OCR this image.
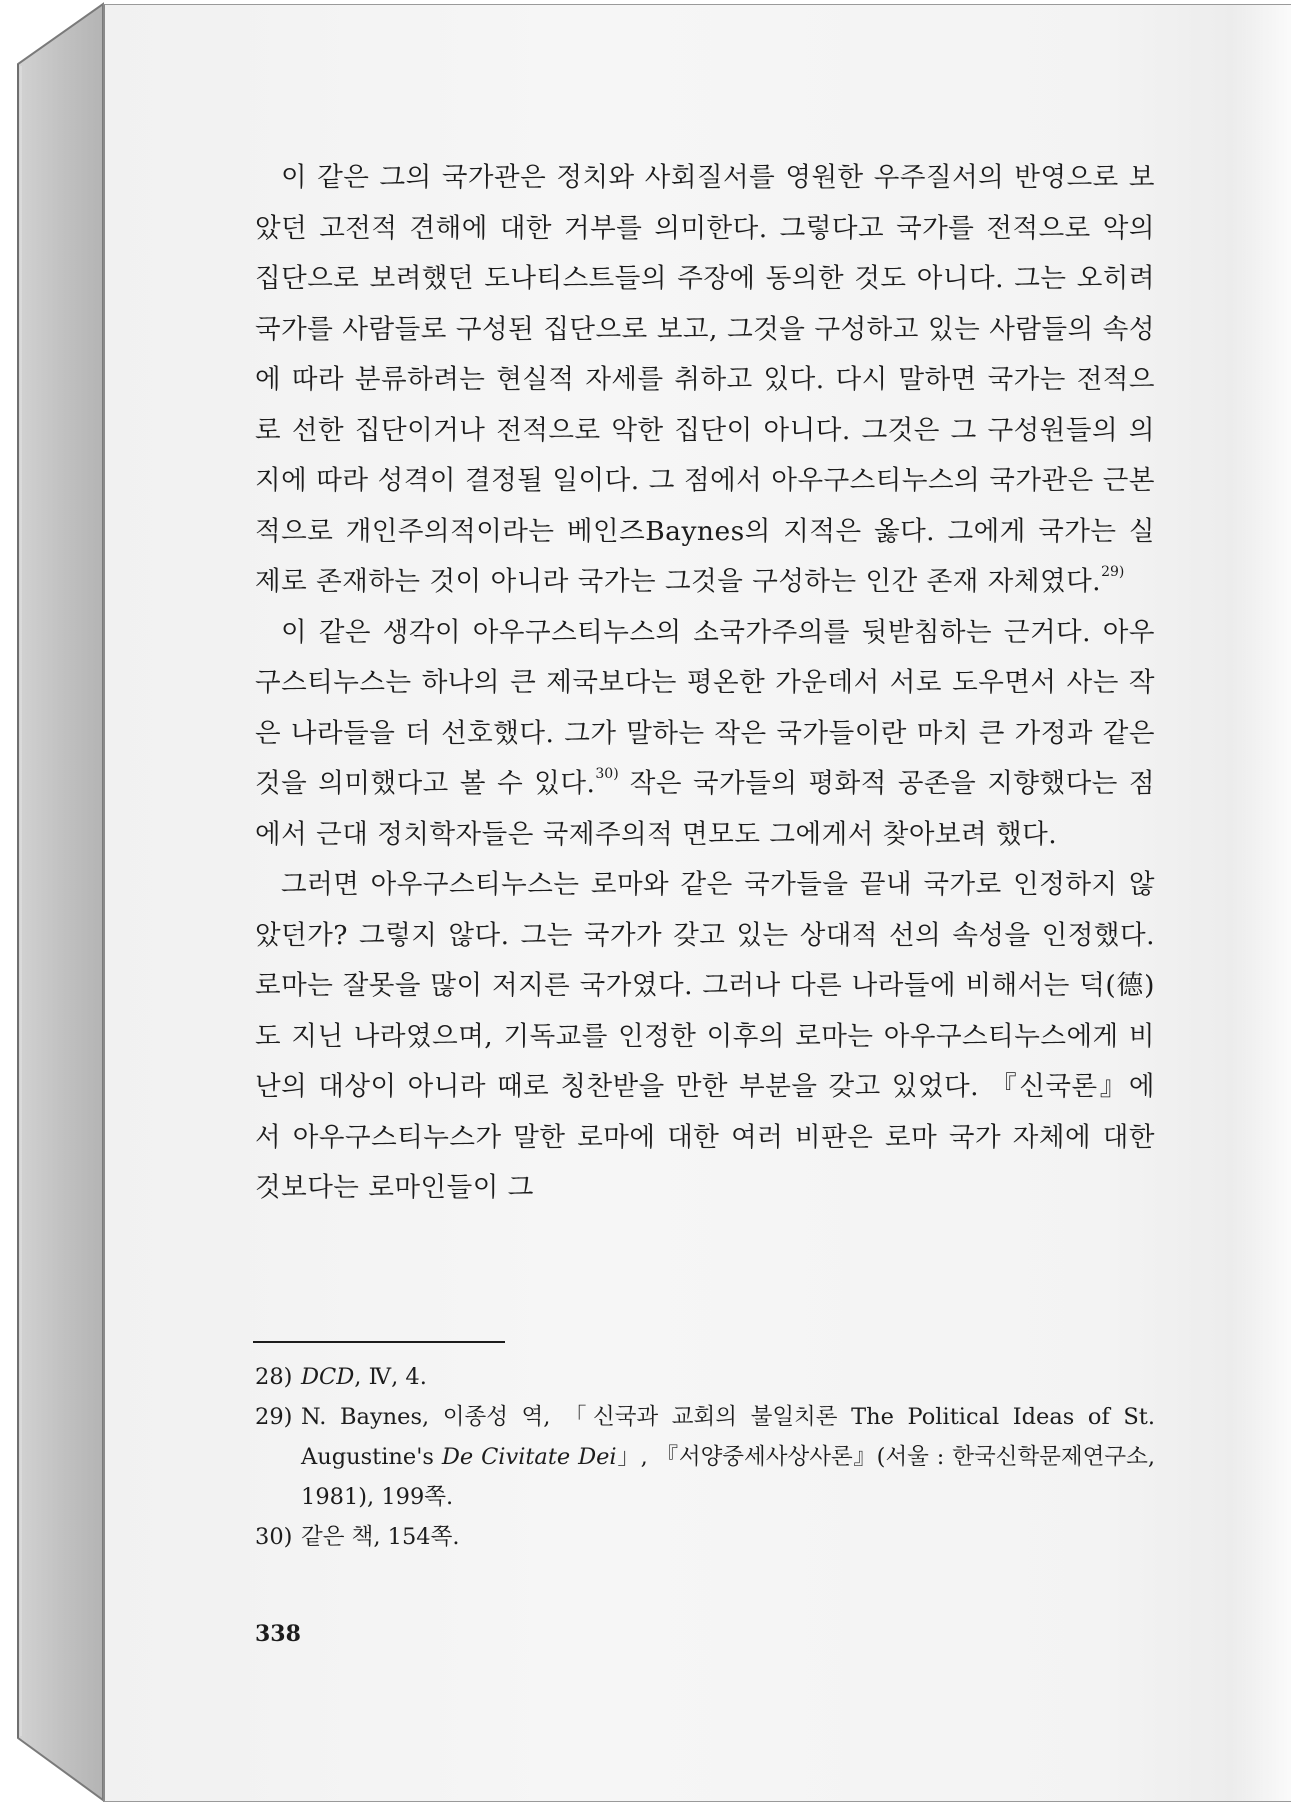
이 같은 그의 국가관은 정치와 사회질서를 영원한 우주질서의 반영으로 보았던 고전적 견해에 대한 거부를 의미한다. 그렇다고 국가를 전적으로 악의 집단으로 보려했던 도나티스트들의 주장에 동의한 것도 아니다. 그는 오히려 국가를 사람들로 구성된 집단으로 보고, 그것을 구성하고 있는 사람들의 속성에 따라 분류하려는 현실적 자세를 취하고 있다. 다시 말하면 국가는 전적으로 선한 집단이거나 전적으로 악한 집단이 아니다. 그것은 그 구성원들의 의지에 따라 성격이 결정될 일이다. 그 점에서 아우구스티누스의 국가관은 근본적으로 개인주의적이라는 베인즈Baynes의 지적은 옳다. 그에게 국가는 실제로 존재하는 것이 아니라 국가는 그것을 구성하는 인간 존재 자체였다.$^{29)}$

이 같은 생각이 아우구스티누스의 소국가주의를 뒷받침하는 근거다. 아우구스티누스는 하나의 큰 제국보다는 평온한 가운데서 서로 도우면서 사는 작은 나라들을 더 선호했다. 그가 말하는 작은 국가들이란 마치 큰 가정과 같은 것을 의미했다고 볼 수 있다.$^{30)}$ 작은 국가들의 평화적 공존을 지향했다는 점에서 근대 정치학자들은 국제주의적 면모도 그에게서 찾아보려 했다.

그러면 아우구스티누스는 로마와 같은 국가들을 끝내 국가로 인정하지 않았던가? 그렇지 않다. 그는 국가가 갖고 있는 상대적 선의 속성을 인정했다. 로마는 잘못을 많이 저지른 국가였다. 그러나 다른 나라들에 비해서는 덕(德)도 지닌 나라였으며, 기독교를 인정한 이후의 로마는 아우구스티누스에게 비난의 대상이 아니라 때로 칭찬받을 만한 부분을 갖고 있었다. 『신국론』에서 아우구스티누스가 말한 로마에 대한 여러 비판은 로마 국가 자체에 대한 것보다는 로마인들이 그

28) DCD, Ⅳ, 4.
29) N. Baynes, 이종성 역, 「신국과 교회의 불일치론 The Political Ideas of St. Augustine's De Civitate Dei」, 『서양중세사상사론』(서울 : 한국신학문제연구소, 1981), 199쪽.
30) 같은 책, 154쪽.
338
